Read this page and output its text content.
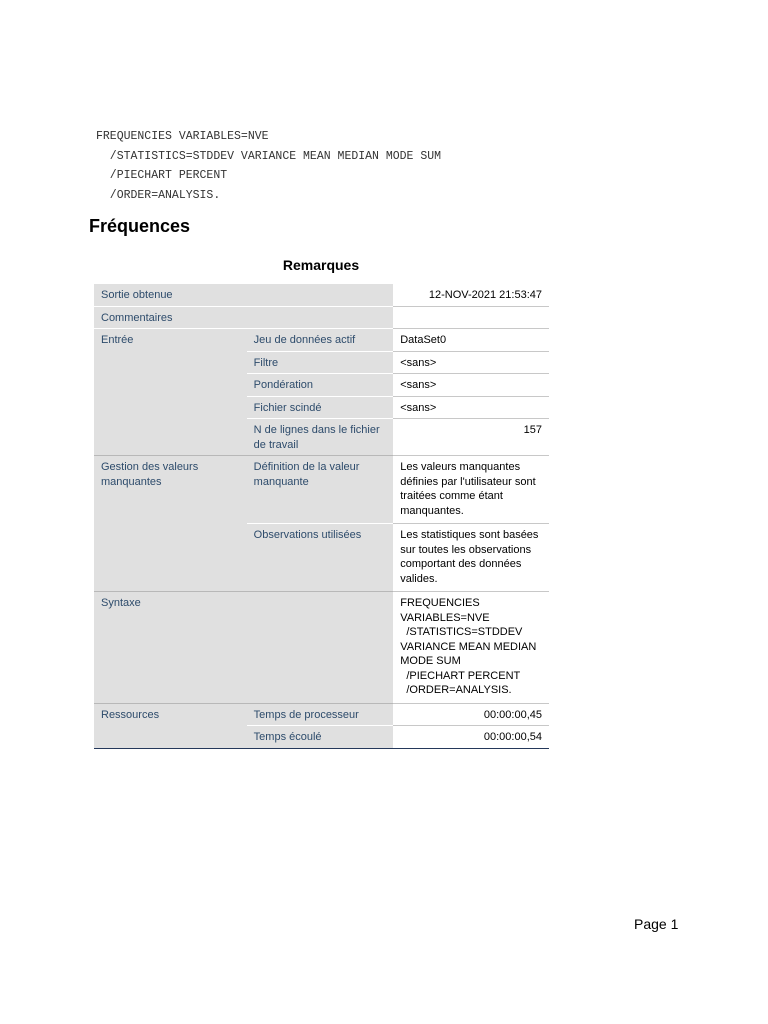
FREQUENCIES VARIABLES=NVE
/STATISTICS=STDDEV VARIANCE MEAN MEDIAN MODE SUM
/PIECHART PERCENT
/ORDER=ANALYSIS.
Fréquences
Remarques
Sortie obtenue		12-NOV-2021 21:53:47
Commentaires		
Entrée	Jeu de données actif	DataSet0
	Filtre	<sans>
	Pondération	<sans>
	Fichier scindé	<sans>
	N de lignes dans le fichier de travail	157
Gestion des valeurs manquantes	Définition de la valeur manquante	Les valeurs manquantes définies par l'utilisateur sont traitées comme étant manquantes.
	Observations utilisées	Les statistiques sont basées sur toutes les observations comportant des données valides.
Syntaxe		FREQUENCIES VARIABLES=NVE
/STATISTICS=STDDEV VARIANCE MEAN MEDIAN MODE SUM
/PIECHART PERCENT
/ORDER=ANALYSIS.
Ressources	Temps de processeur	00:00:00,45
	Temps écoulé	00:00:00,54

Page 1
